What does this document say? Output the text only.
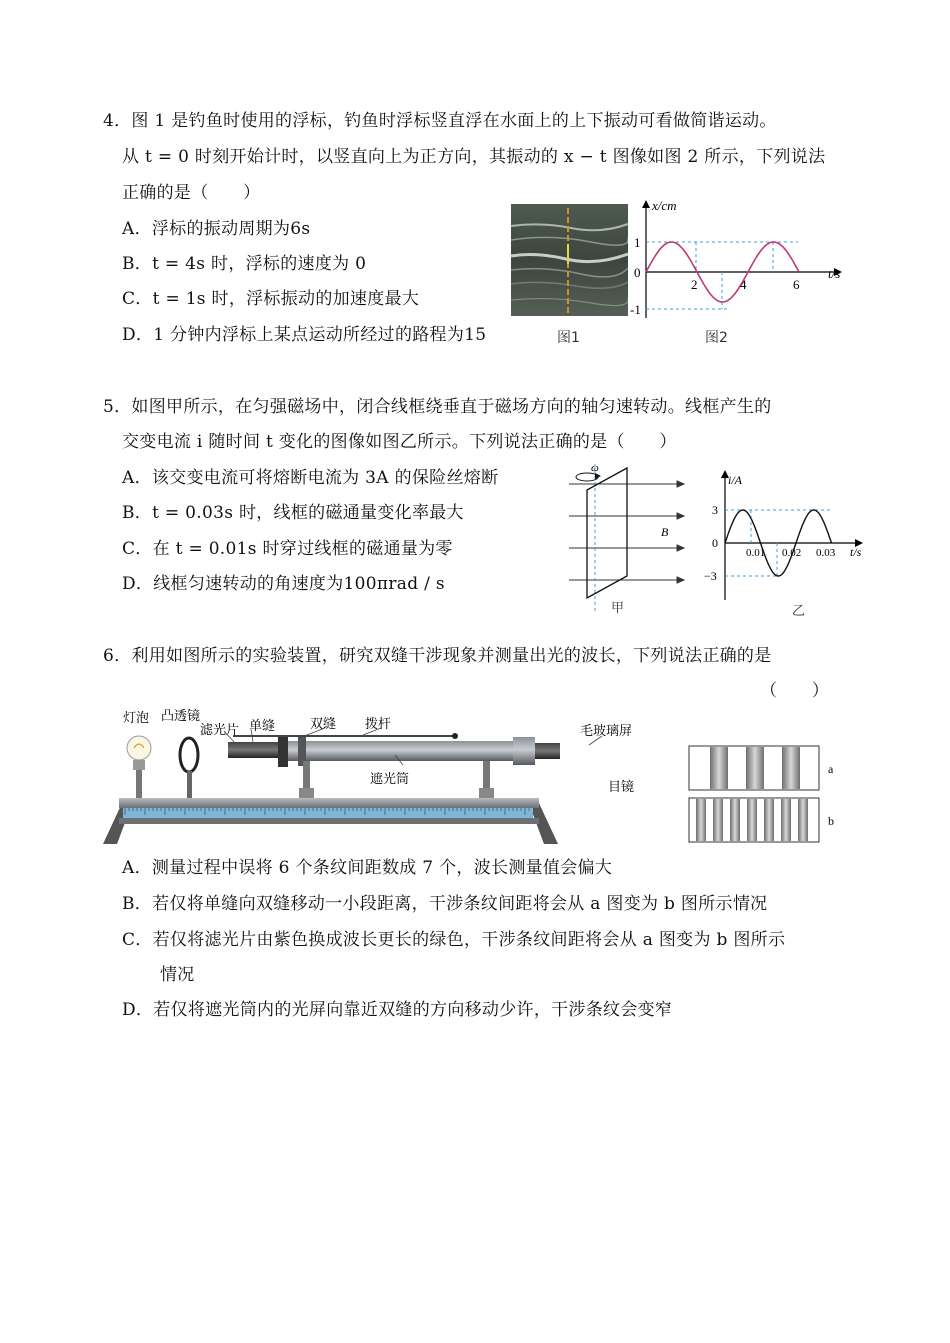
4．图 1 是钓鱼时使用的浮标，钓鱼时浮标竖直浮在水面上的上下振动可看做简谐运动。
从 t = 0 时刻开始计时，以竖直向上为正方向，其振动的 x − t 图像如图 2 所示，下列说法
正确的是（　　）
A．浮标的振动周期为6s
B．t = 4s 时，浮标的速度为 0
C．t = 1s 时，浮标振动的加速度最大
D．1 分钟内浮标上某点运动所经过的路程为15	图1
x/cm
t/s
1
0
-1
2	4	6
图2
5．如图甲所示，在匀强磁场中，闭合线框绕垂直于磁场方向的轴匀速转动。线框产生的
交变电流 i 随时间 t 变化的图像如图乙所示。下列说法正确的是（　　）
A．该交变电流可将熔断电流为 3A 的保险丝熔断
B．t = 0.03s 时，线框的磁通量变化率最大
C．在 t = 0.01s 时穿过线框的磁通量为零
D．线框匀速转动的角速度为100πrad / s
ω
B
甲
i/A
t/s
3
0
−3
0.01 0.02 0.03
乙
6．利用如图所示的实验装置，研究双缝干涉现象并测量出光的波长，下列说法正确的是
（　　）
灯泡 凸透镜
滤光片 单缝	双缝 拨杆	毛玻璃屏
遮光筒
目镜
a
b
A．测量过程中误将 6 个条纹间距数成 7 个，波长测量值会偏大
B．若仅将单缝向双缝移动一小段距离，干涉条纹间距将会从 a 图变为 b 图所示情况
C．若仅将滤光片由紫色换成波长更长的绿色，干涉条纹间距将会从 a 图变为 b 图所示
情况
D．若仅将遮光筒内的光屏向靠近双缝的方向移动少许，干涉条纹会变窄
